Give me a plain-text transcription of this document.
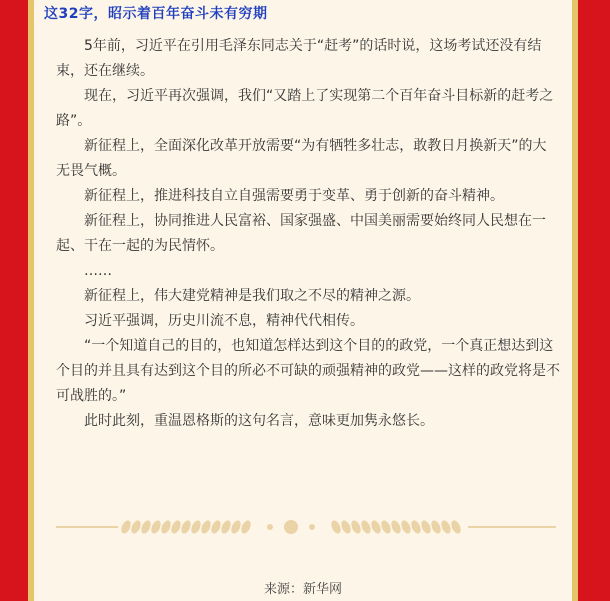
这32字，昭示着百年奋斗未有穷期

5年前，习近平在引用毛泽东同志关于“赶考”的话时说，这场考试还没有结束，还在继续。

现在，习近平再次强调，我们“又踏上了实现第二个百年奋斗目标新的赶考之路”。

新征程上，全面深化改革开放需要“为有牺牲多壮志，敢教日月换新天”的大无畏气概。

新征程上，推进科技自立自强需要勇于变革、勇于创新的奋斗精神。

新征程上，协同推进人民富裕、国家强盛、中国美丽需要始终同人民想在一起、干在一起的为民情怀。

……

新征程上，伟大建党精神是我们取之不尽的精神之源。

习近平强调，历史川流不息，精神代代相传。

“一个知道自己的目的，也知道怎样达到这个目的的政党，一个真正想达到这个目的并且具有达到这个目的所必不可缺的顽强精神的政党——这样的政党将是不可战胜的。”

此时此刻，重温恩格斯的这句名言，意味更加隽永悠长。

来源：新华网
